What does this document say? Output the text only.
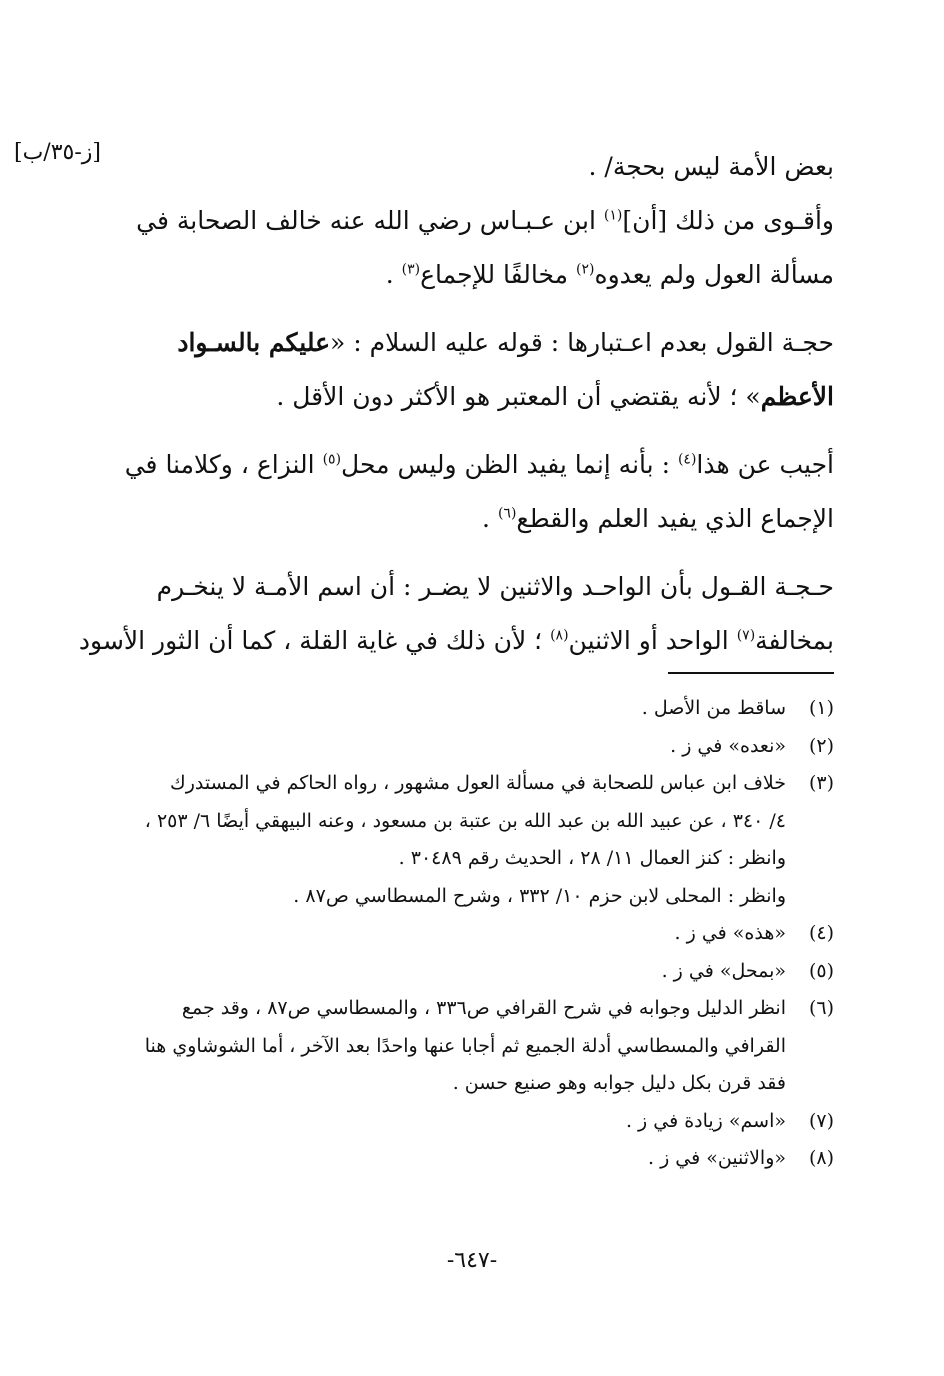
[ز-٣٥/ب]	بعض الأمة ليس بحجة/ .
وأقـوى من ذلك [أن]$^{(١)}$ ابن عـبـاس رضي الله عنه خالف الصحابة في
مسألة العول ولم يعدوه$^{(٢)}$ مخالفًا للإجماع$^{(٣)}$ .
حجـة القول بعدم اعـتبارها : قوله عليه السلام : «عليكم بالسـواد
الأعظم» ؛ لأنه يقتضي أن المعتبر هو الأكثر دون الأقل .
أجيب عن هذا$^{(٤)}$ : بأنه إنما يفيد الظن وليس محل$^{(٥)}$ النزاع ، وكلامنا في
الإجماع الذي يفيد العلم والقطع$^{(٦)}$ .
حـجـة القـول بأن الواحـد والاثنين لا يضـر : أن اسم الأمـة لا ينخـرم
بمخالفة$^{(٧)}$ الواحد أو الاثنين$^{(٨)}$ ؛ لأن ذلك في غاية القلة ، كما أن الثور الأسود
(١)
ساقط من الأصل .
(٢)
«نعده» في ز .
(٣)
خلاف ابن عباس للصحابة في مسألة العول مشهور ، رواه الحاكم في المستدرك
٤/ ٣٤٠ ، عن عبيد الله بن عبد الله بن عتبة بن مسعود ، وعنه البيهقي أيضًا ٦/ ٢٥٣ ،
وانظر : كنز العمال ١١/ ٢٨ ، الحديث رقم ٣٠٤٨٩ .
وانظر : المحلى لابن حزم ١٠/ ٣٣٢ ، وشرح المسطاسي ص٨٧ .
(٤)
«هذه» في ز .
(٥)
«بمحل» في ز .
(٦)
انظر الدليل وجوابه في شرح القرافي ص٣٣٦ ، والمسطاسي ص٨٧ ، وقد جمع
القرافي والمسطاسي أدلة الجميع ثم أجابا عنها واحدًا بعد الآخر ، أما الشوشاوي هنا
فقد قرن بكل دليل جوابه وهو صنيع حسن .
(٧)
«اسم» زيادة في ز .
(٨)
«والاثنين» في ز .
-٦٤٧-
